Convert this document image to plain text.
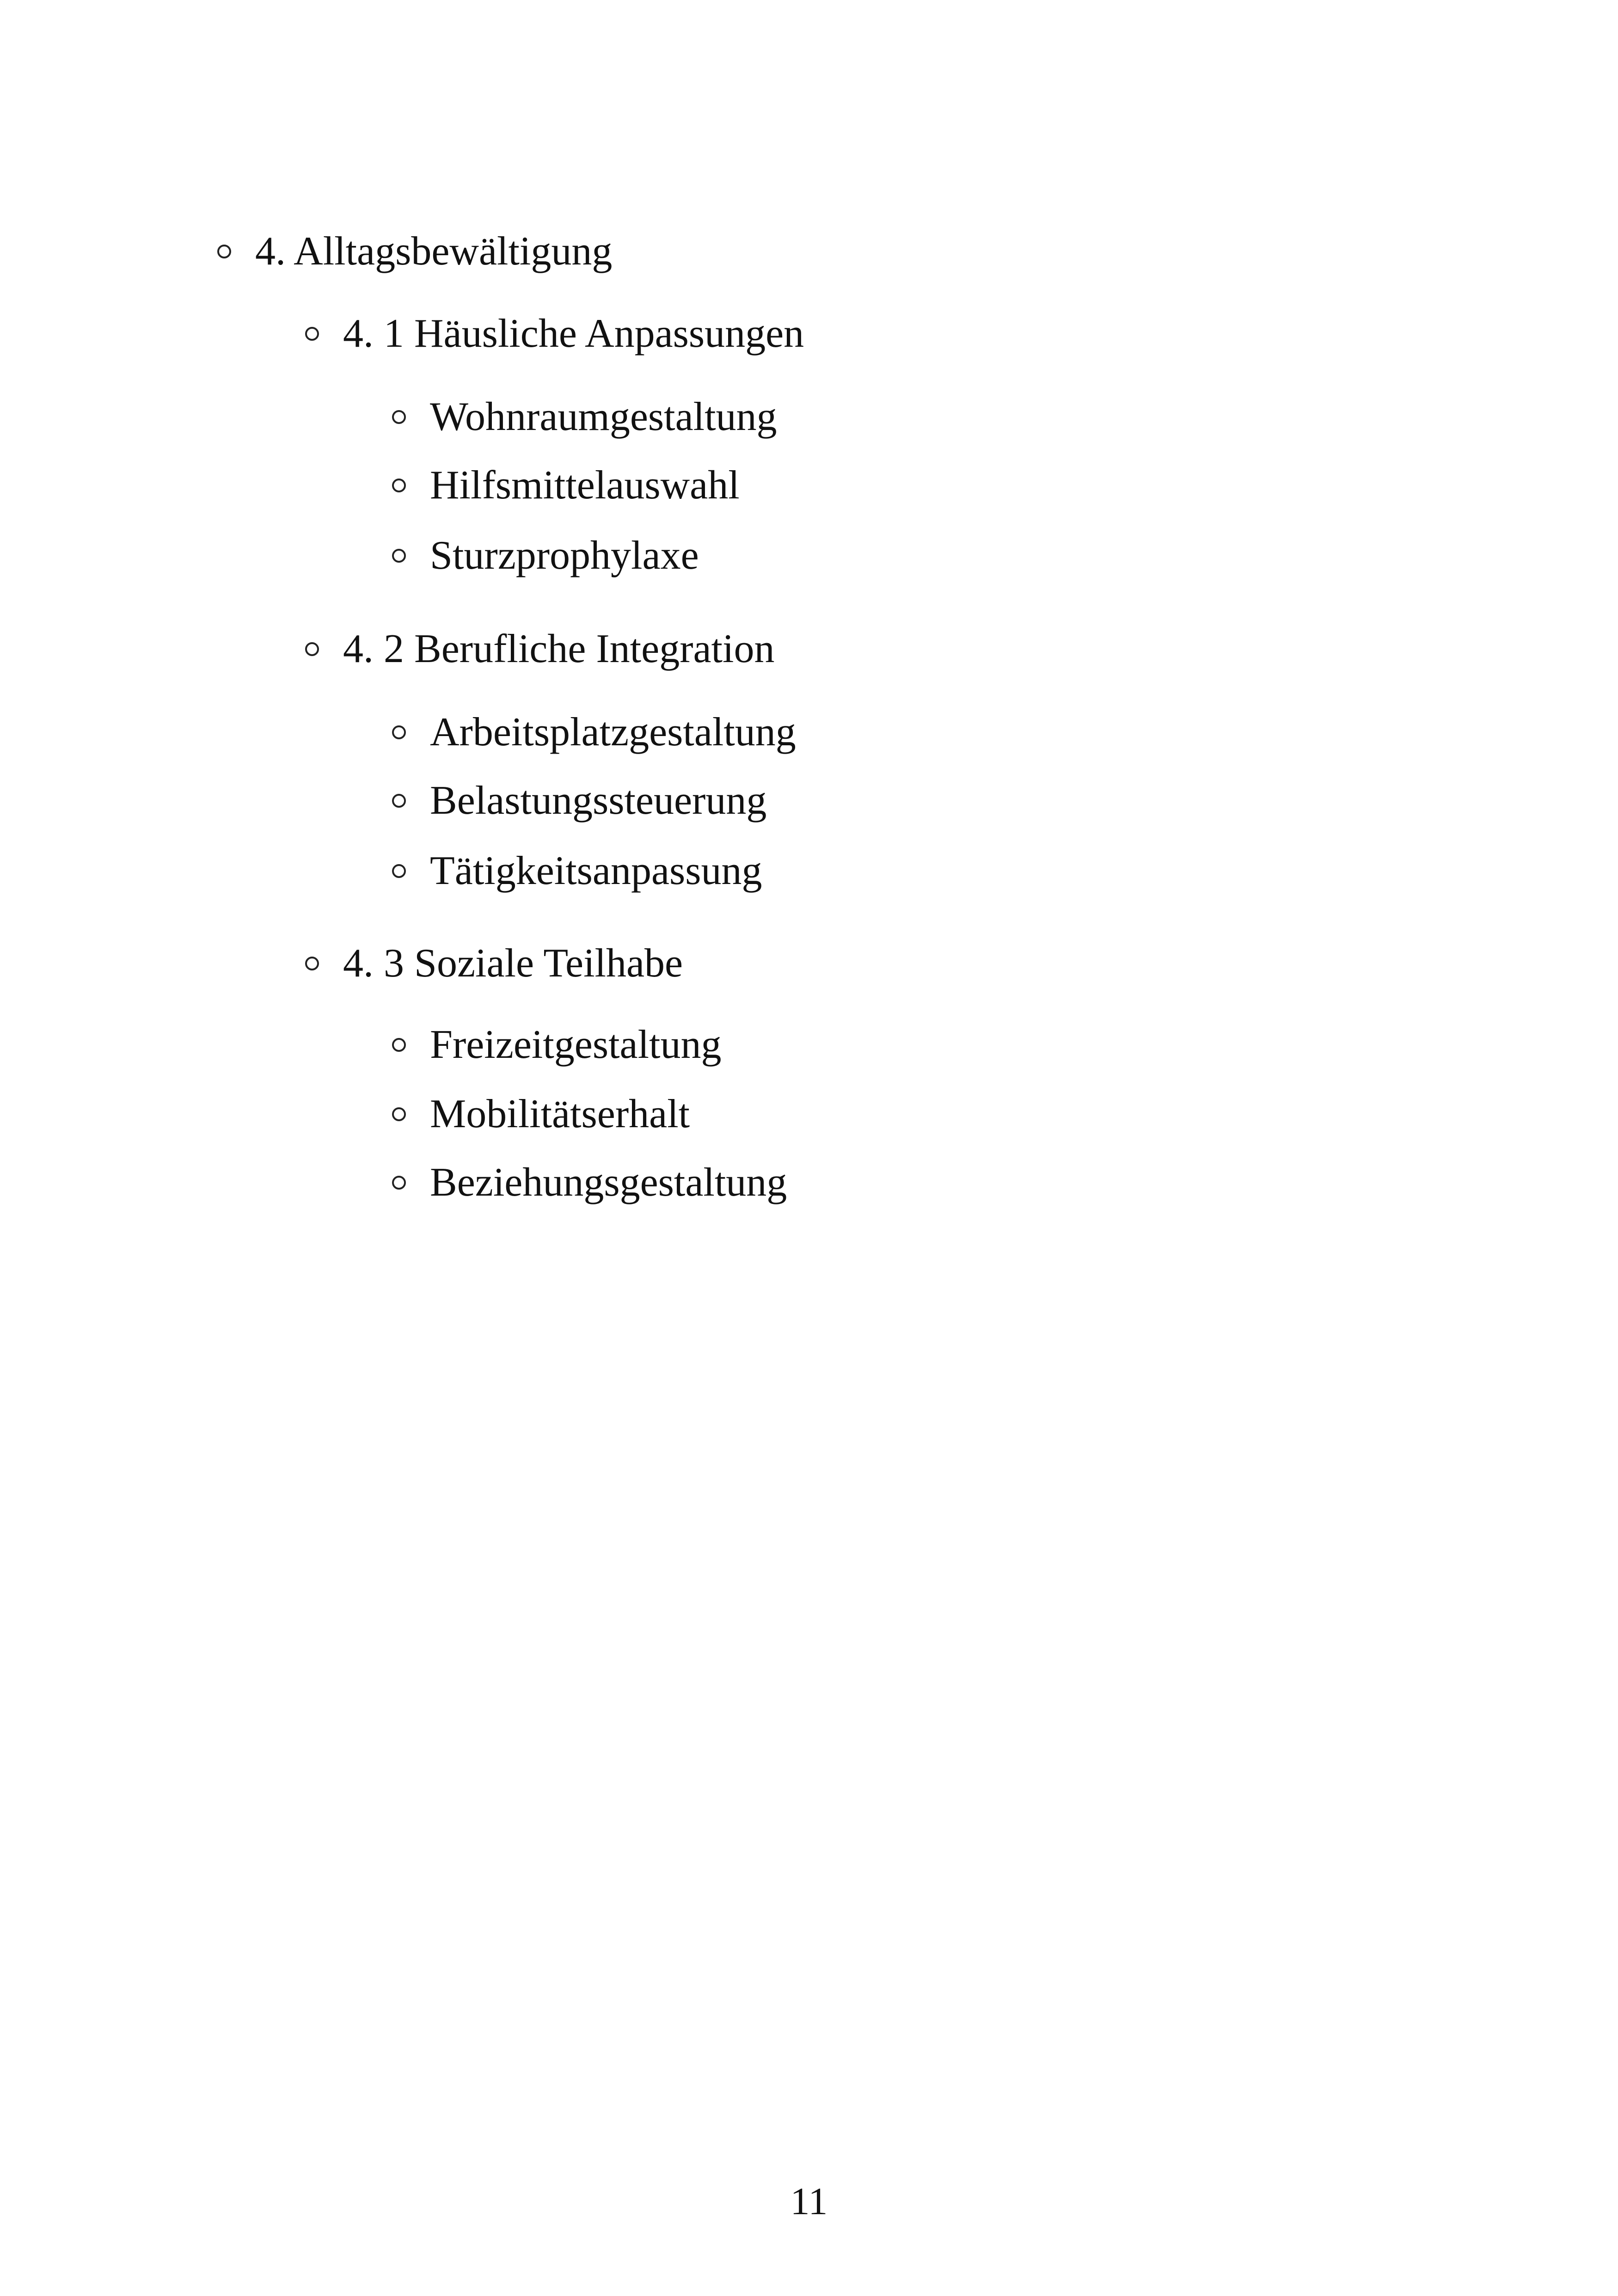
4. Alltagsbewältigung
4. 1 Häusliche Anpassungen
Wohnraumgestaltung
Hilfsmittelauswahl
Sturzprophylaxe
4. 2 Berufliche Integration
Arbeitsplatzgestaltung
Belastungssteuerung
Tätigkeitsanpassung
4. 3 Soziale Teilhabe
Freizeitgestaltung
Mobilitätserhalt
Beziehungsgestaltung
11
